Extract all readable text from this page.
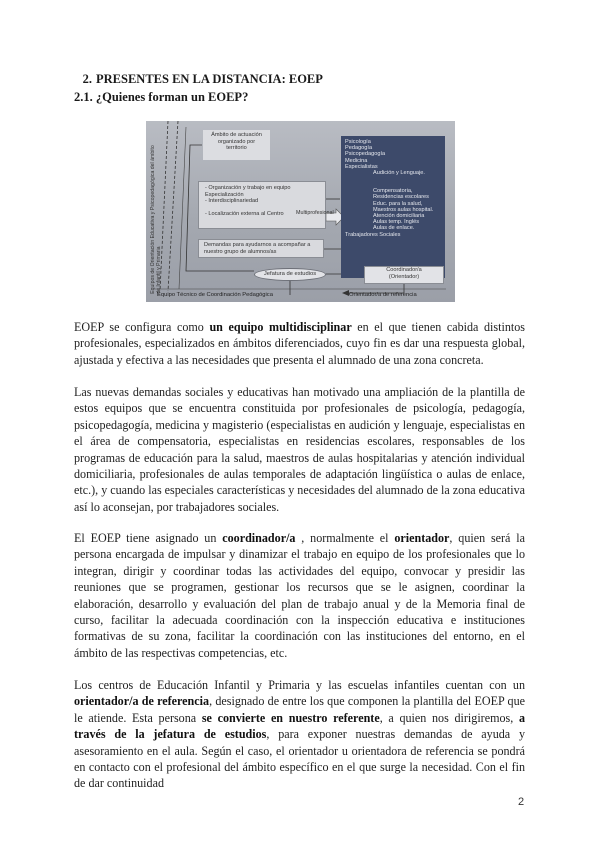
2. PRESENTES EN LA DISTANCIA: EOEP
2.1. ¿Quienes forman un EOEP?
Equipos de Orientación Educativa y Psicopedagógica del ámbito de Infantil y Primaria
Ámbito de actuación organizado por territorio
- Organización y trabajo en equipo
Especialización
- Interdisciplinariedad
- Localización externa al Centro	Multiprofesional
Demandas para ayudarnos a acompañar a nuestro grupo de alumnos/as
Psicología
Pedagogía
Psicopedagogía
Medicina
Especialistas
Audición y Lenguaje.
Compensatoria,
Residencias escolares
Educ. para la salud,
Maestros aulas hospital.
Atención domiciliaria
Aulas temp. Inglés
Aulas de enlace.
Trabajadores Sociales
Coordinador/a
(Orientador)
Jefatura de estudios
Equipo Técnico de Coordinación Pedagógica	Orientador/a de referencia

EOEP se configura como un equipo multidisciplinar en el que tienen cabida distintos profesionales, especializados en ámbitos diferenciados, cuyo fin es dar una respuesta global, ajustada y efectiva a las necesidades que presenta el alumnado de una zona concreta.

Las nuevas demandas sociales y educativas han motivado una ampliación de la plantilla de estos equipos que se encuentra constituida por profesionales de psicología, pedagogía, psicopedagogía, medicina y magisterio (especialistas en audición y lenguaje, especialistas en el área de compensatoria, especialistas en residencias escolares, responsables de los programas de educación para la salud, maestros de aulas hospitalarias y atención individual domiciliaria, profesionales de aulas temporales de adaptación lingüística o aulas de enlace, etc.), y cuando las especiales características y necesidades del alumnado de la zona educativa así lo aconsejan, por trabajadores sociales.

El EOEP tiene asignado un coordinador/a , normalmente el orientador, quien será la persona encargada de impulsar y dinamizar el trabajo en equipo de los profesionales que lo integran, dirigir y coordinar todas las actividades del equipo, convocar y presidir las reuniones que se programen, gestionar los recursos que se le asignen, coordinar la elaboración, desarrollo y evaluación del plan de trabajo anual y de la Memoria final de curso, facilitar la adecuada coordinación con la inspección educativa e instituciones formativas de su zona, facilitar la coordinación con las instituciones del entorno, en el ámbito de las respectivas competencias, etc.

Los centros de Educación Infantil y Primaria y las escuelas infantiles cuentan con un orientador/a de referencia, designado de entre los que componen la plantilla del EOEP que le atiende. Esta persona se convierte en nuestro referente, a quien nos dirigiremos, a través de la jefatura de estudios, para exponer nuestras demandas de ayuda y asesoramiento en el aula. Según el caso, el orientador u orientadora de referencia se pondrá en contacto con el profesional del ámbito específico en el que surge la necesidad. Con el fin de dar continuidad

2
